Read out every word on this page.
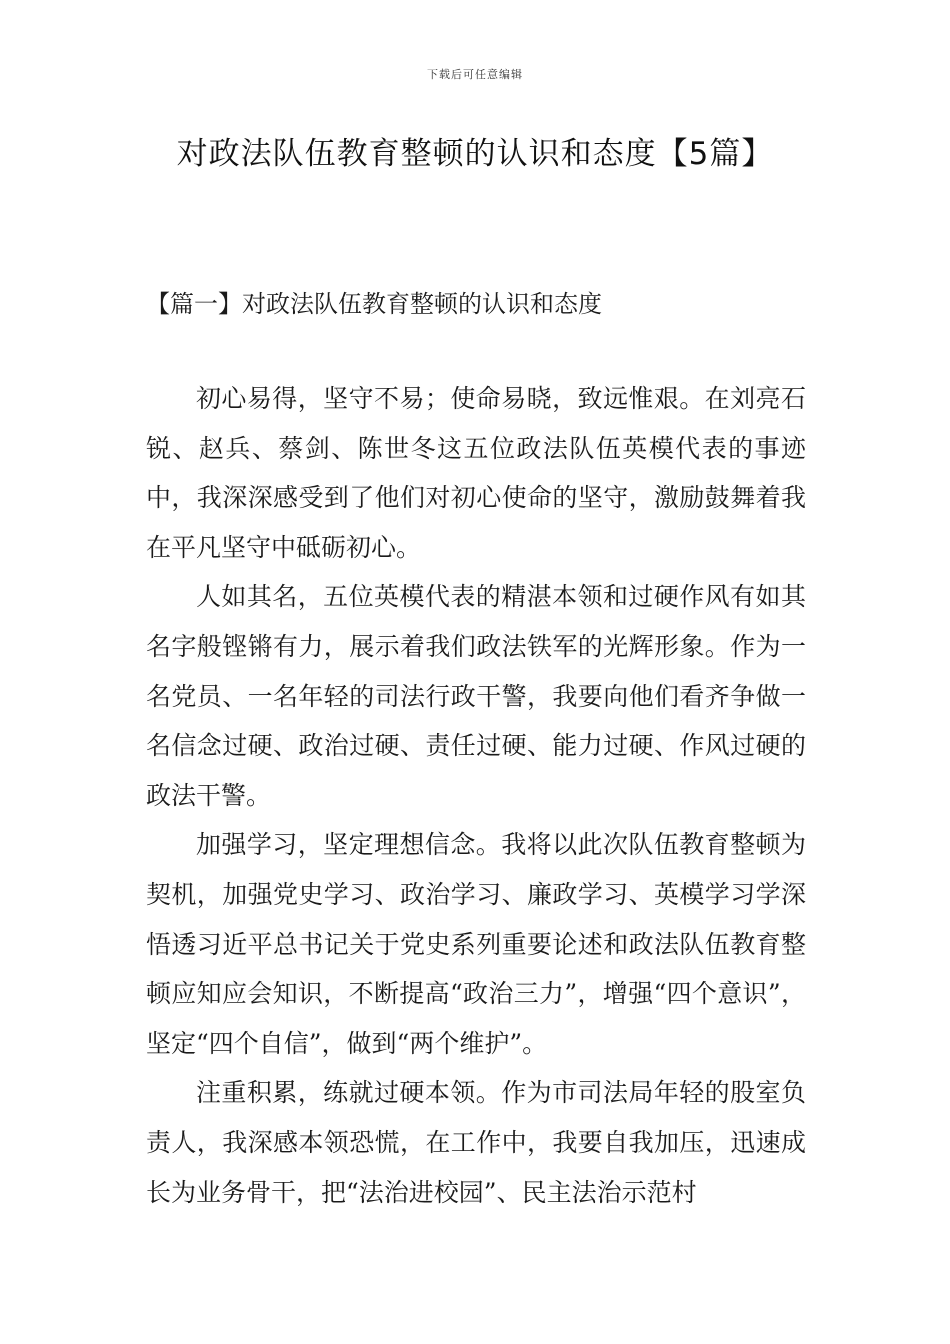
下载后可任意编辑
对政法队伍教育整顿的认识和态度【5篇】
【篇一】对政法队伍教育整顿的认识和态度

初心易得，坚守不易；使命易晓，致远惟艰。在刘亮石锐、赵兵、蔡剑、陈世冬这五位政法队伍英模代表的事迹中，我深深感受到了他们对初心使命的坚守，激励鼓舞着我在平凡坚守中砥砺初心。

人如其名，五位英模代表的精湛本领和过硬作风有如其名字般铿锵有力，展示着我们政法铁军的光辉形象。作为一名党员、一名年轻的司法行政干警，我要向他们看齐争做一名信念过硬、政治过硬、责任过硬、能力过硬、作风过硬的政法干警。

加强学习，坚定理想信念。我将以此次队伍教育整顿为契机，加强党史学习、政治学习、廉政学习、英模学习学深悟透习近平总书记关于党史系列重要论述和政法队伍教育整顿应知应会知识，不断提高“政治三力”，增强“四个意识”，坚定“四个自信”，做到“两个维护”。

注重积累，练就过硬本领。作为市司法局年轻的股室负责人，我深感本领恐慌，在工作中，我要自我加压，迅速成长为业务骨干，把“法治进校园”、民主法治示范村
